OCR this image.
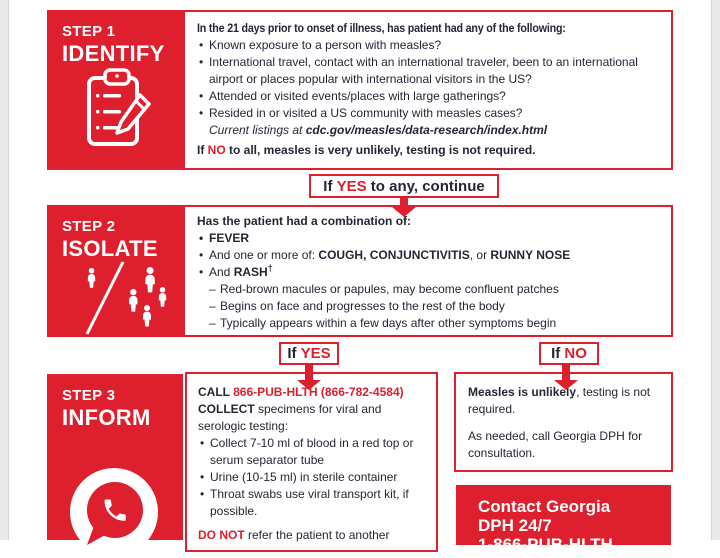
STEP 1
IDENTIFY

In the 21 days prior to onset of illness, has patient had any of the following:

• Known exposure to a person with measles?

• International travel, contact with an international traveler, been to an international airport or places popular with international visitors in the US?

• Attended or visited events/places with large gatherings?

• Resided in or visited a US community with measles cases?

Current listings at cdc.gov/measles/data-research/index.html

If NO to all, measles is very unlikely, testing is not required.

If YES to any, continue
STEP 2
ISOLATE

Has the patient had a combination of:

• FEVER

• And one or more of: COUGH, CONJUNCTIVITIS, or RUNNY NOSE

• And RASH†

– Red-brown macules or papules, may become confluent patches

– Begins on face and progresses to the rest of the body

– Typically appears within a few days after other symptoms begin

If YES	If NO
STEP 3
INFORM

CALL 866-PUB-HLTH (866-782-4584)

COLLECT specimens for viral and serologic testing:

• Collect 7-10 ml of blood in a red top or serum separator tube

• Urine (10-15 ml) in sterile container

• Throat swabs use viral transport kit, if possible.

DO NOT refer the patient to another

Measles is unlikely, testing is not required.

As needed, call Georgia DPH for consultation.

Contact Georgia
DPH 24/7
1-866-PUB-HLTH
